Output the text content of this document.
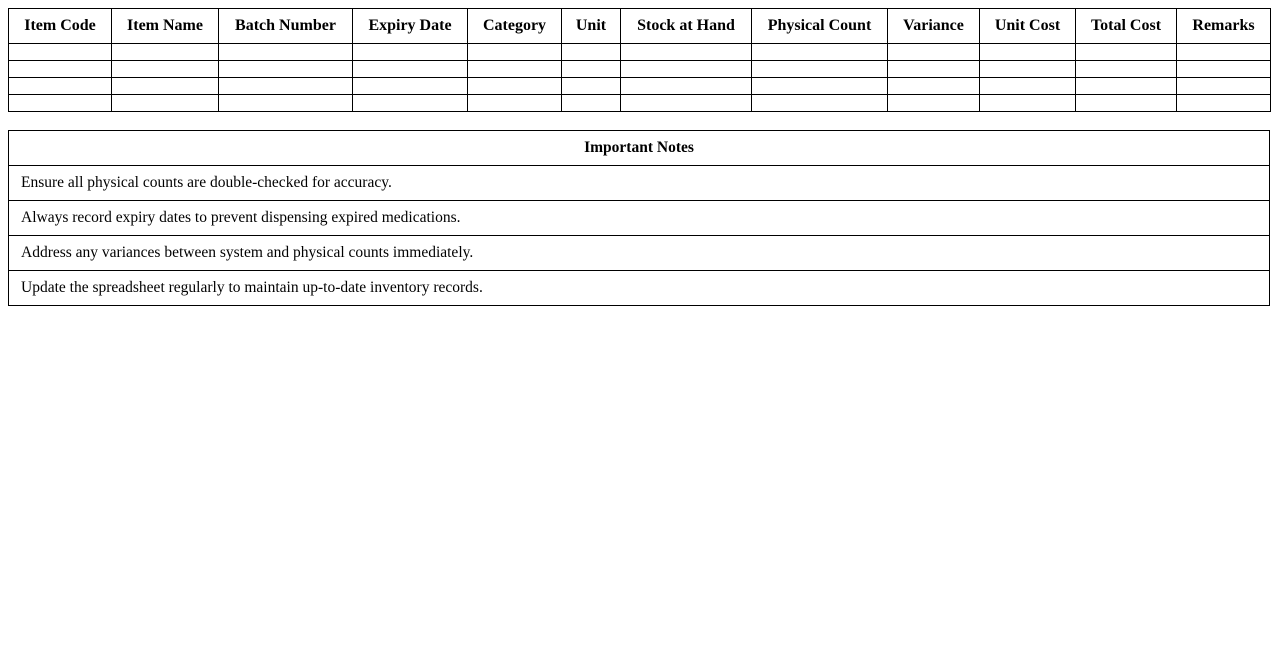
Item Code	Item Name	Batch Number	Expiry Date	Category	Unit	Stock at Hand	Physical Count	Variance	Unit Cost	Total Cost	Remarks

Important Notes
Ensure all physical counts are double-checked for accuracy.
Always record expiry dates to prevent dispensing expired medications.
Address any variances between system and physical counts immediately.
Update the spreadsheet regularly to maintain up-to-date inventory records.
